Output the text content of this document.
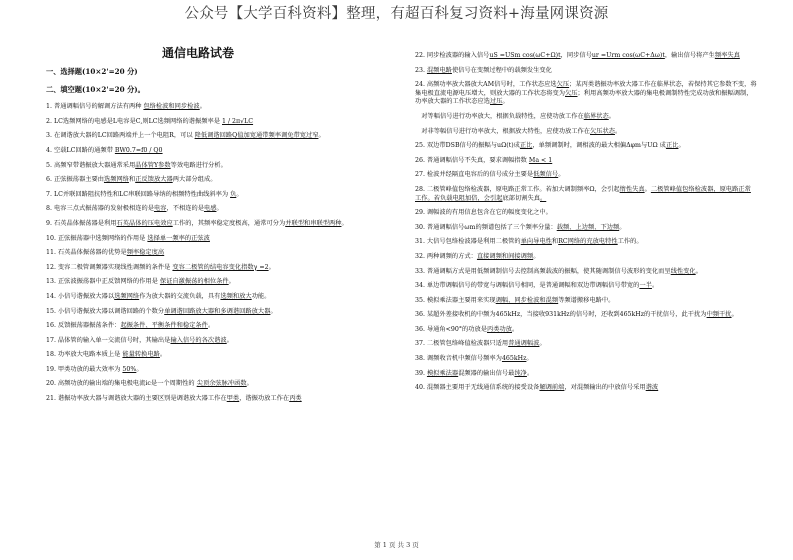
公众号【大学百科资料】整理，有超百科复习资料+海量网课资源
通信电路试卷
一、选择题(10×2'=20 分)
二、填空题(10×2'=20 分)。
1. 普通调幅信号的解调方法有两种 包络检波和同步检波。
2. LC选频网络的电感是L电容是C,则LC选频网络的谐振频率是 1 / 2π√LC
3. 在调谐放大器的LC回路两端并上一个电阻R，可以 降低调谐回路Q值加宽通带频率调免带宽过窄。
4. 空载LC回路的通频带 BW0.7=f0 / Q0
5. 高频窄带谐振放大器通常采用晶体管Y参数等效电路进行分析。
6. 正弦振荡器主要由选频网络和正反馈放大器两大部分组成。
7. LC并联回路阻抗特性和LC串联回路导纳的相频特性曲线斜率为 负。
8. 电容三点式振荡器的发射极相连的是电容，不相连的是电感。
9. 石英晶体振荡器是利用石英晶体的压电效应工作的，其频率稳定度极高，通常可分为并联型和串联型两种。
10. 正弦振荡器中选频网络的作用是 选择单一频率的正弦波
11. 石英晶体振荡器的优势是频率稳定度高
12. 变容二极管调频器实现线性调频的条件是 变容二极管的结电容变化指数γ =2。
13. 正弦波振荡器中正反馈网络的作用是 保证自激振荡的相位条件。
14. 小信号谐振放大器以选频网络作为放大器的交流负载，具有选频和放大功能。
15. 小信号谐振放大器以调谐回路的个数分单调谐回路放大器和多调谐回路放大器。
16. 反馈振荡器振荡条件：起振条件、平衡条件和稳定条件。
17. 晶体管的输入单一交流信号时，其输出是输入信号的各次谐波。
18. 功率放大电路本质上是 能量转换电路。
19. 甲类功放的最大效率为 50%。
20. 高频功放的输出端的集电极电流ic是一个周期性的 尖顶余弦脉冲函数。
21. 谐振功率放大器与调谐放大器的主要区别是调谐放大器工作在甲类，谐振功放工作在丙类
22. 同步检波器的输入信号uS =USm cos(ωC+Ω)t，同步信号ur =Urm cos(ωC+Δω)t，输出信号将产生频率失真
23. 混频电路使信号在变频过程中的载频发生变化
24. 高频功率放大器放大AM信号时，工作状态应选欠压；某丙类谐振功率放大器工作在临界状态，若保持其它参数不变，将集电极直流电源电压增大，则放大器的工作状态将变为欠压；利用高频功率放大器的集电极调制特性完成功放和振幅调制，功率放大器的工作状态应选过压。
　对等幅信号进行功率放大，根据负载特性，应使功放工作在临界状态。
　对非等幅信号进行功率放大，根据放大特性，应使功放工作在欠压状态。
25. 双边带DSB信号的振幅与uΩ(t)成正比，单频调制时，调相波的最大相偏Δφm与UΩ 成正比。
26. 普通调幅信号不失真，要求调幅指数 Ma < 1
27. 检波并经隔直电容后的信号成分主要是低频信号。
28. 二极管峰值包络检波器，原电路正常工作。若加大调制频率Ω，会引起惰性失真。二极管峰值包络检波器，原电路正常工作。若负载电阻加倍，会引起底部切割失真。
29. 调幅波的有用信息包含在它的幅度变化之中。
30. 普通调幅信号ωm的频谱包括了三个频率分量：载频、上边频、下边频。
31. 大信号包络检波器是利用二极管的单向导电性和RC网络的充放电特性工作的。
32. 两种调频的方式：直接调频和间接调频。
33. 普通调幅方式是用低频调制信号去控制高频载波的振幅，使其随调制信号波形的变化而呈线性变化。
34. 单边带调幅信号的带宽与调幅信号相同，是普通调幅和双边带调幅信号带宽的一半。
35. 模拟乘法器主要用来实现调幅、同步检波和混频等频谱搬移电路中。
36. 某超外差接收机的中频为465kHz，当接收931kHz的信号时，还收到465kHz的干扰信号，此干扰为中频干扰。
36. 导通角<90°的功放是丙类功放。
37. 二极管包络峰值检波器只适用普通调幅波。
38. 调频收音机中频信号频率为465kHz。
39. 模拟乘法器混频器的输出信号最纯净。
40. 混频器主要用于无线通信系统的接受设备解调前端，对混频输出的中放信号采用谐波
第 1 页 共 3 页
